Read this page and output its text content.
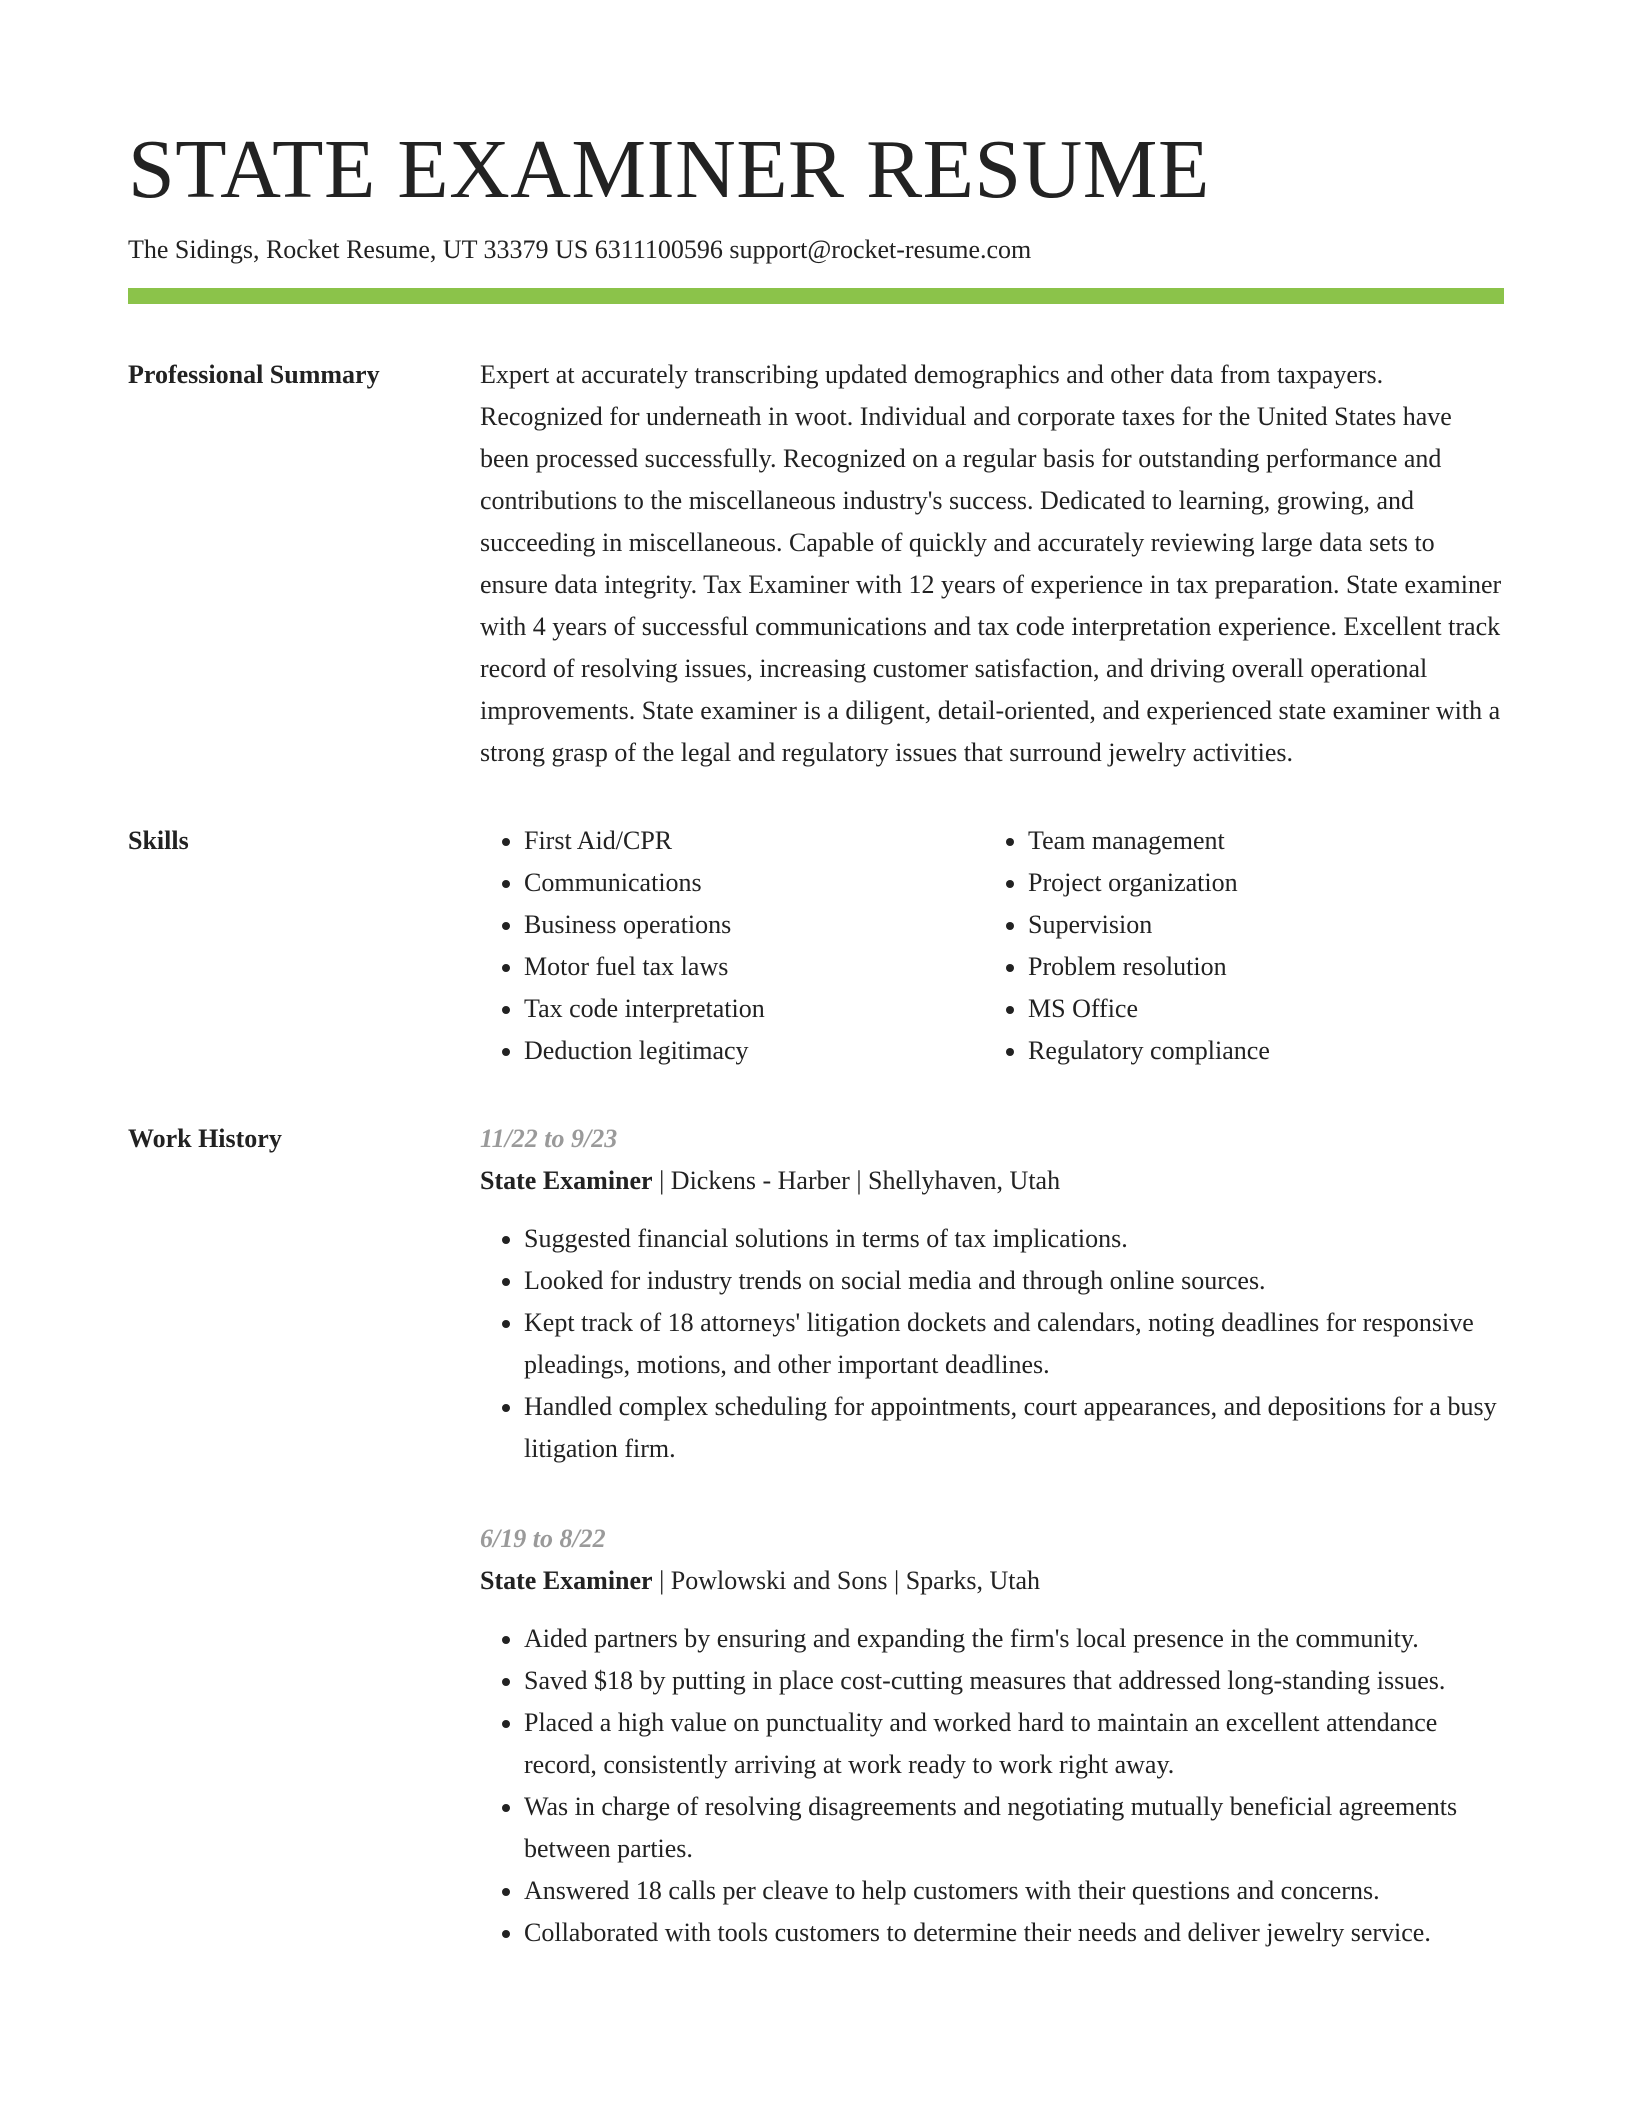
STATE EXAMINER RESUME
The Sidings, Rocket Resume, UT 33379 US 6311100596 support@rocket-resume.com
Professional Summary	Expert at accurately transcribing updated demographics and other data from taxpayers. Recognized for underneath in woot. Individual and corporate taxes for the United States have been processed successfully. Recognized on a regular basis for outstanding performance and contributions to the miscellaneous industry's success. Dedicated to learning, growing, and succeeding in miscellaneous. Capable of quickly and accurately reviewing large data sets to ensure data integrity. Tax Examiner with 12 years of experience in tax preparation. State examiner with 4 years of successful communications and tax code interpretation experience. Excellent track record of resolving issues, increasing customer satisfaction, and driving overall operational improvements. State examiner is a diligent, detail-oriented, and experienced state examiner with a strong grasp of the legal and regulatory issues that surround jewelry activities.

Skills
•	First Aid/CPR
• Communications
• Business operations
• Motor fuel tax laws
• Tax code interpretation
• Deduction legitimacy
• Team management
• Project organization
• Supervision
• Problem resolution
• MS Office
• Regulatory compliance
Work History	11/22 to 9/23
State Examiner | Dickens - Harber | Shellyhaven, Utah
• Suggested financial solutions in terms of tax implications.
• Looked for industry trends on social media and through online sources.
• Kept track of 18 attorneys' litigation dockets and calendars, noting deadlines for responsive pleadings, motions, and other important deadlines.
• Handled complex scheduling for appointments, court appearances, and depositions for a busy litigation firm.
6/19 to 8/22
State Examiner | Powlowski and Sons | Sparks, Utah
• Aided partners by ensuring and expanding the firm's local presence in the community.
• Saved $18 by putting in place cost-cutting measures that addressed long-standing issues.
• Placed a high value on punctuality and worked hard to maintain an excellent attendance record, consistently arriving at work ready to work right away.
• Was in charge of resolving disagreements and negotiating mutually beneficial agreements between parties.
• Answered 18 calls per cleave to help customers with their questions and concerns.
• Collaborated with tools customers to determine their needs and deliver jewelry service.
